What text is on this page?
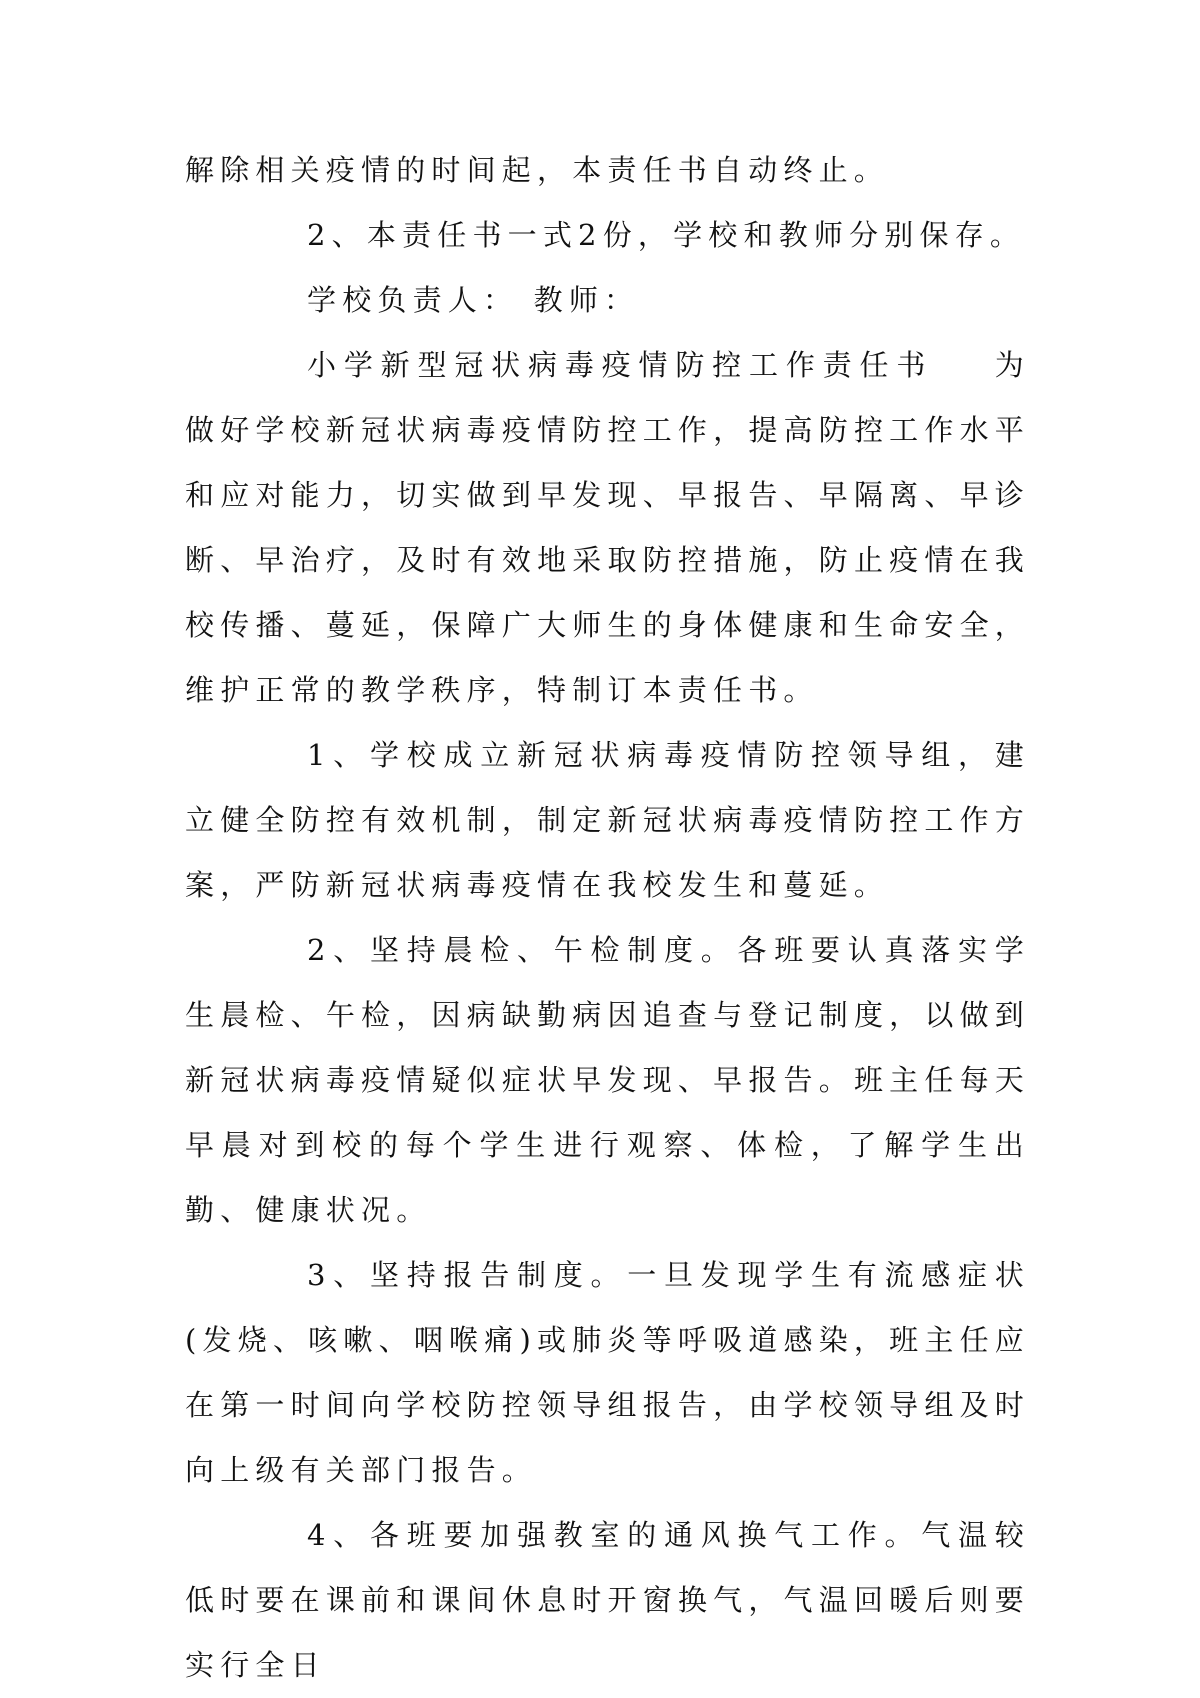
解除相关疫情的时间起，本责任书自动终止。

2、本责任书一式2份，学校和教师分别保存。

学校负责人： 教师：

小学新型冠状病毒疫情防控工作责任书 为做好学校新冠状病毒疫情防控工作，提高防控工作水平和应对能力，切实做到早发现、早报告、早隔离、早诊断、早治疗，及时有效地采取防控措施，防止疫情在我校传播、蔓延，保障广大师生的身体健康和生命安全，维护正常的教学秩序，特制订本责任书。

1、学校成立新冠状病毒疫情防控领导组，建立健全防控有效机制，制定新冠状病毒疫情防控工作方案，严防新冠状病毒疫情在我校发生和蔓延。

2、坚持晨检、午检制度。各班要认真落实学生晨检、午检，因病缺勤病因追查与登记制度，以做到新冠状病毒疫情疑似症状早发现、早报告。班主任每天早晨对到校的每个学生进行观察、体检，了解学生出勤、健康状况。

3、坚持报告制度。一旦发现学生有流感症状(发烧、咳嗽、咽喉痛)或肺炎等呼吸道感染，班主任应在第一时间向学校防控领导组报告，由学校领导组及时向上级有关部门报告。

4、各班要加强教室的通风换气工作。气温较低时要在课前和课间休息时开窗换气，气温回暖后则要实行全日
